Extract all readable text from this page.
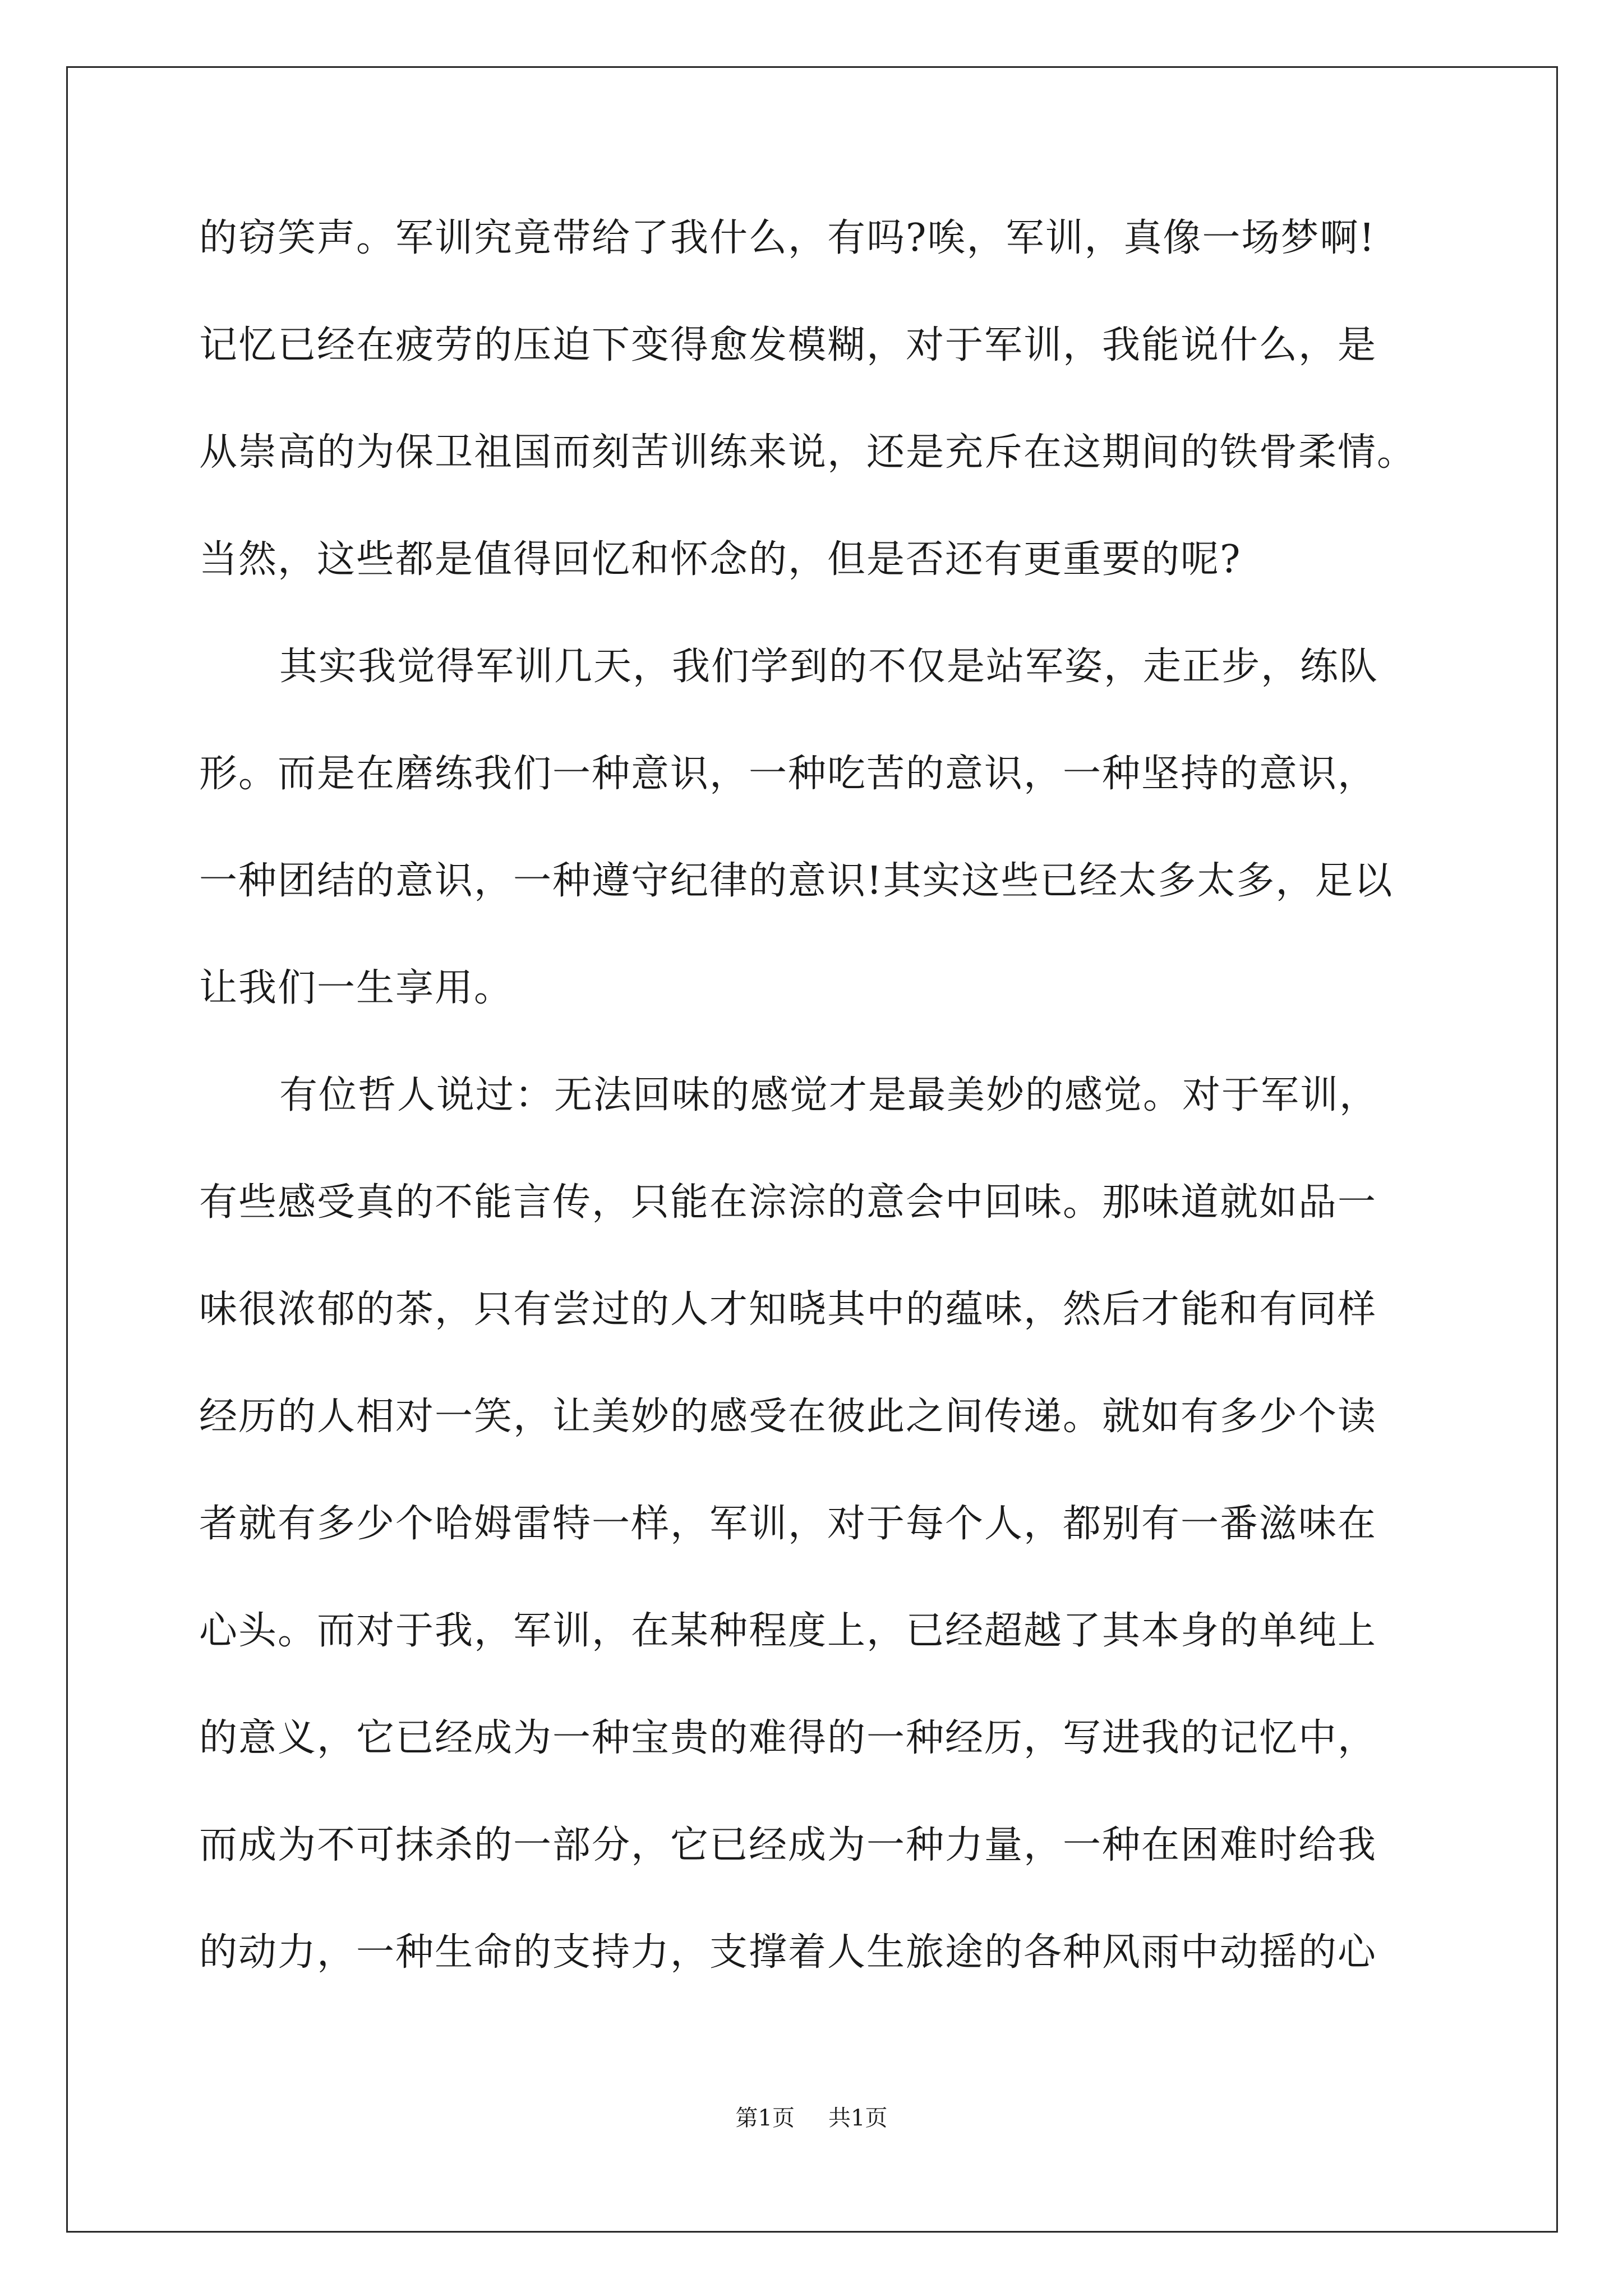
的窃笑声。军训究竟带给了我什么，有吗?唉，军训，真像一场梦啊!
记忆已经在疲劳的压迫下变得愈发模糊，对于军训，我能说什么，是
从崇高的为保卫祖国而刻苦训练来说，还是充斥在这期间的铁骨柔情。
当然，这些都是值得回忆和怀念的，但是否还有更重要的呢?
其实我觉得军训几天，我们学到的不仅是站军姿，走正步，练队
形。而是在磨练我们一种意识，一种吃苦的意识，一种坚持的意识，
一种团结的意识，一种遵守纪律的意识!其实这些已经太多太多，足以
让我们一生享用。
有位哲人说过：无法回味的感觉才是最美妙的感觉。对于军训，
有些感受真的不能言传，只能在淙淙的意会中回味。那味道就如品一
味很浓郁的茶，只有尝过的人才知晓其中的蕴味，然后才能和有同样
经历的人相对一笑，让美妙的感受在彼此之间传递。就如有多少个读
者就有多少个哈姆雷特一样，军训，对于每个人，都别有一番滋味在
心头。而对于我，军训，在某种程度上，已经超越了其本身的单纯上
的意义，它已经成为一种宝贵的难得的一种经历，写进我的记忆中，
而成为不可抹杀的一部分，它已经成为一种力量，一种在困难时给我
的动力，一种生命的支持力，支撑着人生旅途的各种风雨中动摇的心
第1页 共1页
